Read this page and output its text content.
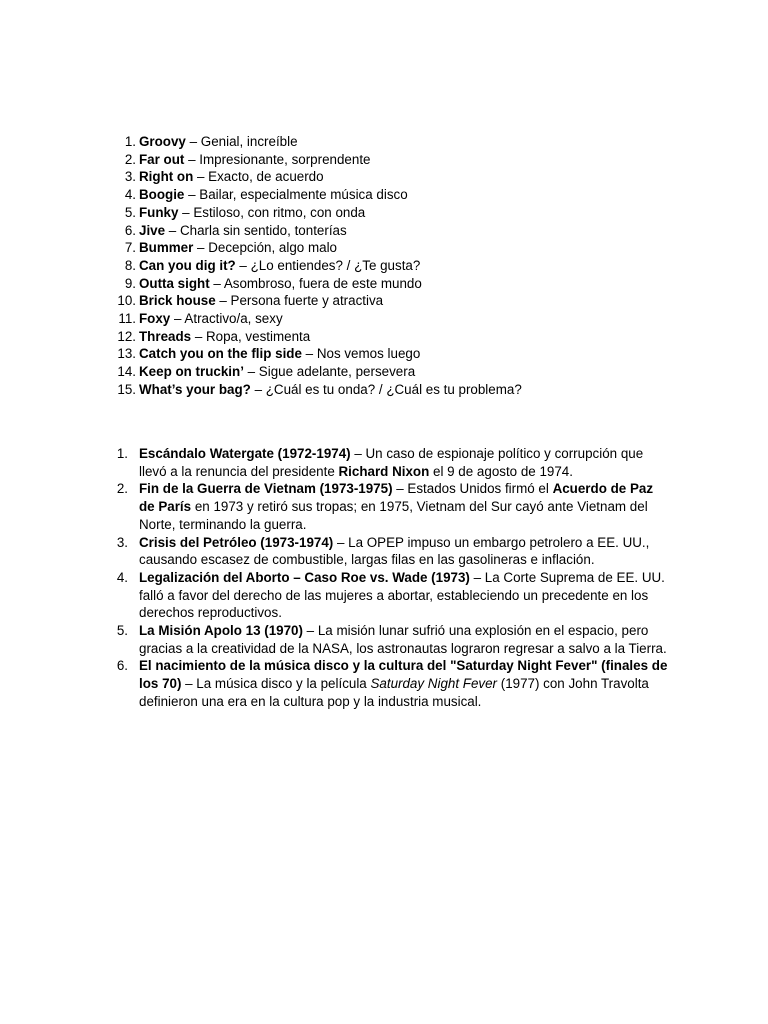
1. Groovy – Genial, increíble
2. Far out – Impresionante, sorprendente
3. Right on – Exacto, de acuerdo
4. Boogie – Bailar, especialmente música disco
5. Funky – Estiloso, con ritmo, con onda
6. Jive – Charla sin sentido, tonterías
7. Bummer – Decepción, algo malo
8. Can you dig it? – ¿Lo entiendes? / ¿Te gusta?
9. Outta sight – Asombroso, fuera de este mundo
10. Brick house – Persona fuerte y atractiva
11. Foxy – Atractivo/a, sexy
12. Threads – Ropa, vestimenta
13. Catch you on the flip side – Nos vemos luego
14. Keep on truckin’ – Sigue adelante, persevera
15. What’s your bag? – ¿Cuál es tu onda? / ¿Cuál es tu problema?
1. Escándalo Watergate (1972-1974) – Un caso de espionaje político y corrupción que llevó a la renuncia del presidente Richard Nixon el 9 de agosto de 1974.
2. Fin de la Guerra de Vietnam (1973-1975) – Estados Unidos firmó el Acuerdo de Paz de París en 1973 y retiró sus tropas; en 1975, Vietnam del Sur cayó ante Vietnam del Norte, terminando la guerra.
3. Crisis del Petróleo (1973-1974) – La OPEP impuso un embargo petrolero a EE. UU., causando escasez de combustible, largas filas en las gasolineras e inflación.
4. Legalización del Aborto – Caso Roe vs. Wade (1973) – La Corte Suprema de EE. UU. falló a favor del derecho de las mujeres a abortar, estableciendo un precedente en los derechos reproductivos.
5. La Misión Apolo 13 (1970) – La misión lunar sufrió una explosión en el espacio, pero gracias a la creatividad de la NASA, los astronautas lograron regresar a salvo a la Tierra.
6. El nacimiento de la música disco y la cultura del "Saturday Night Fever" (finales de los 70) – La música disco y la película Saturday Night Fever (1977) con John Travolta definieron una era en la cultura pop y la industria musical.
